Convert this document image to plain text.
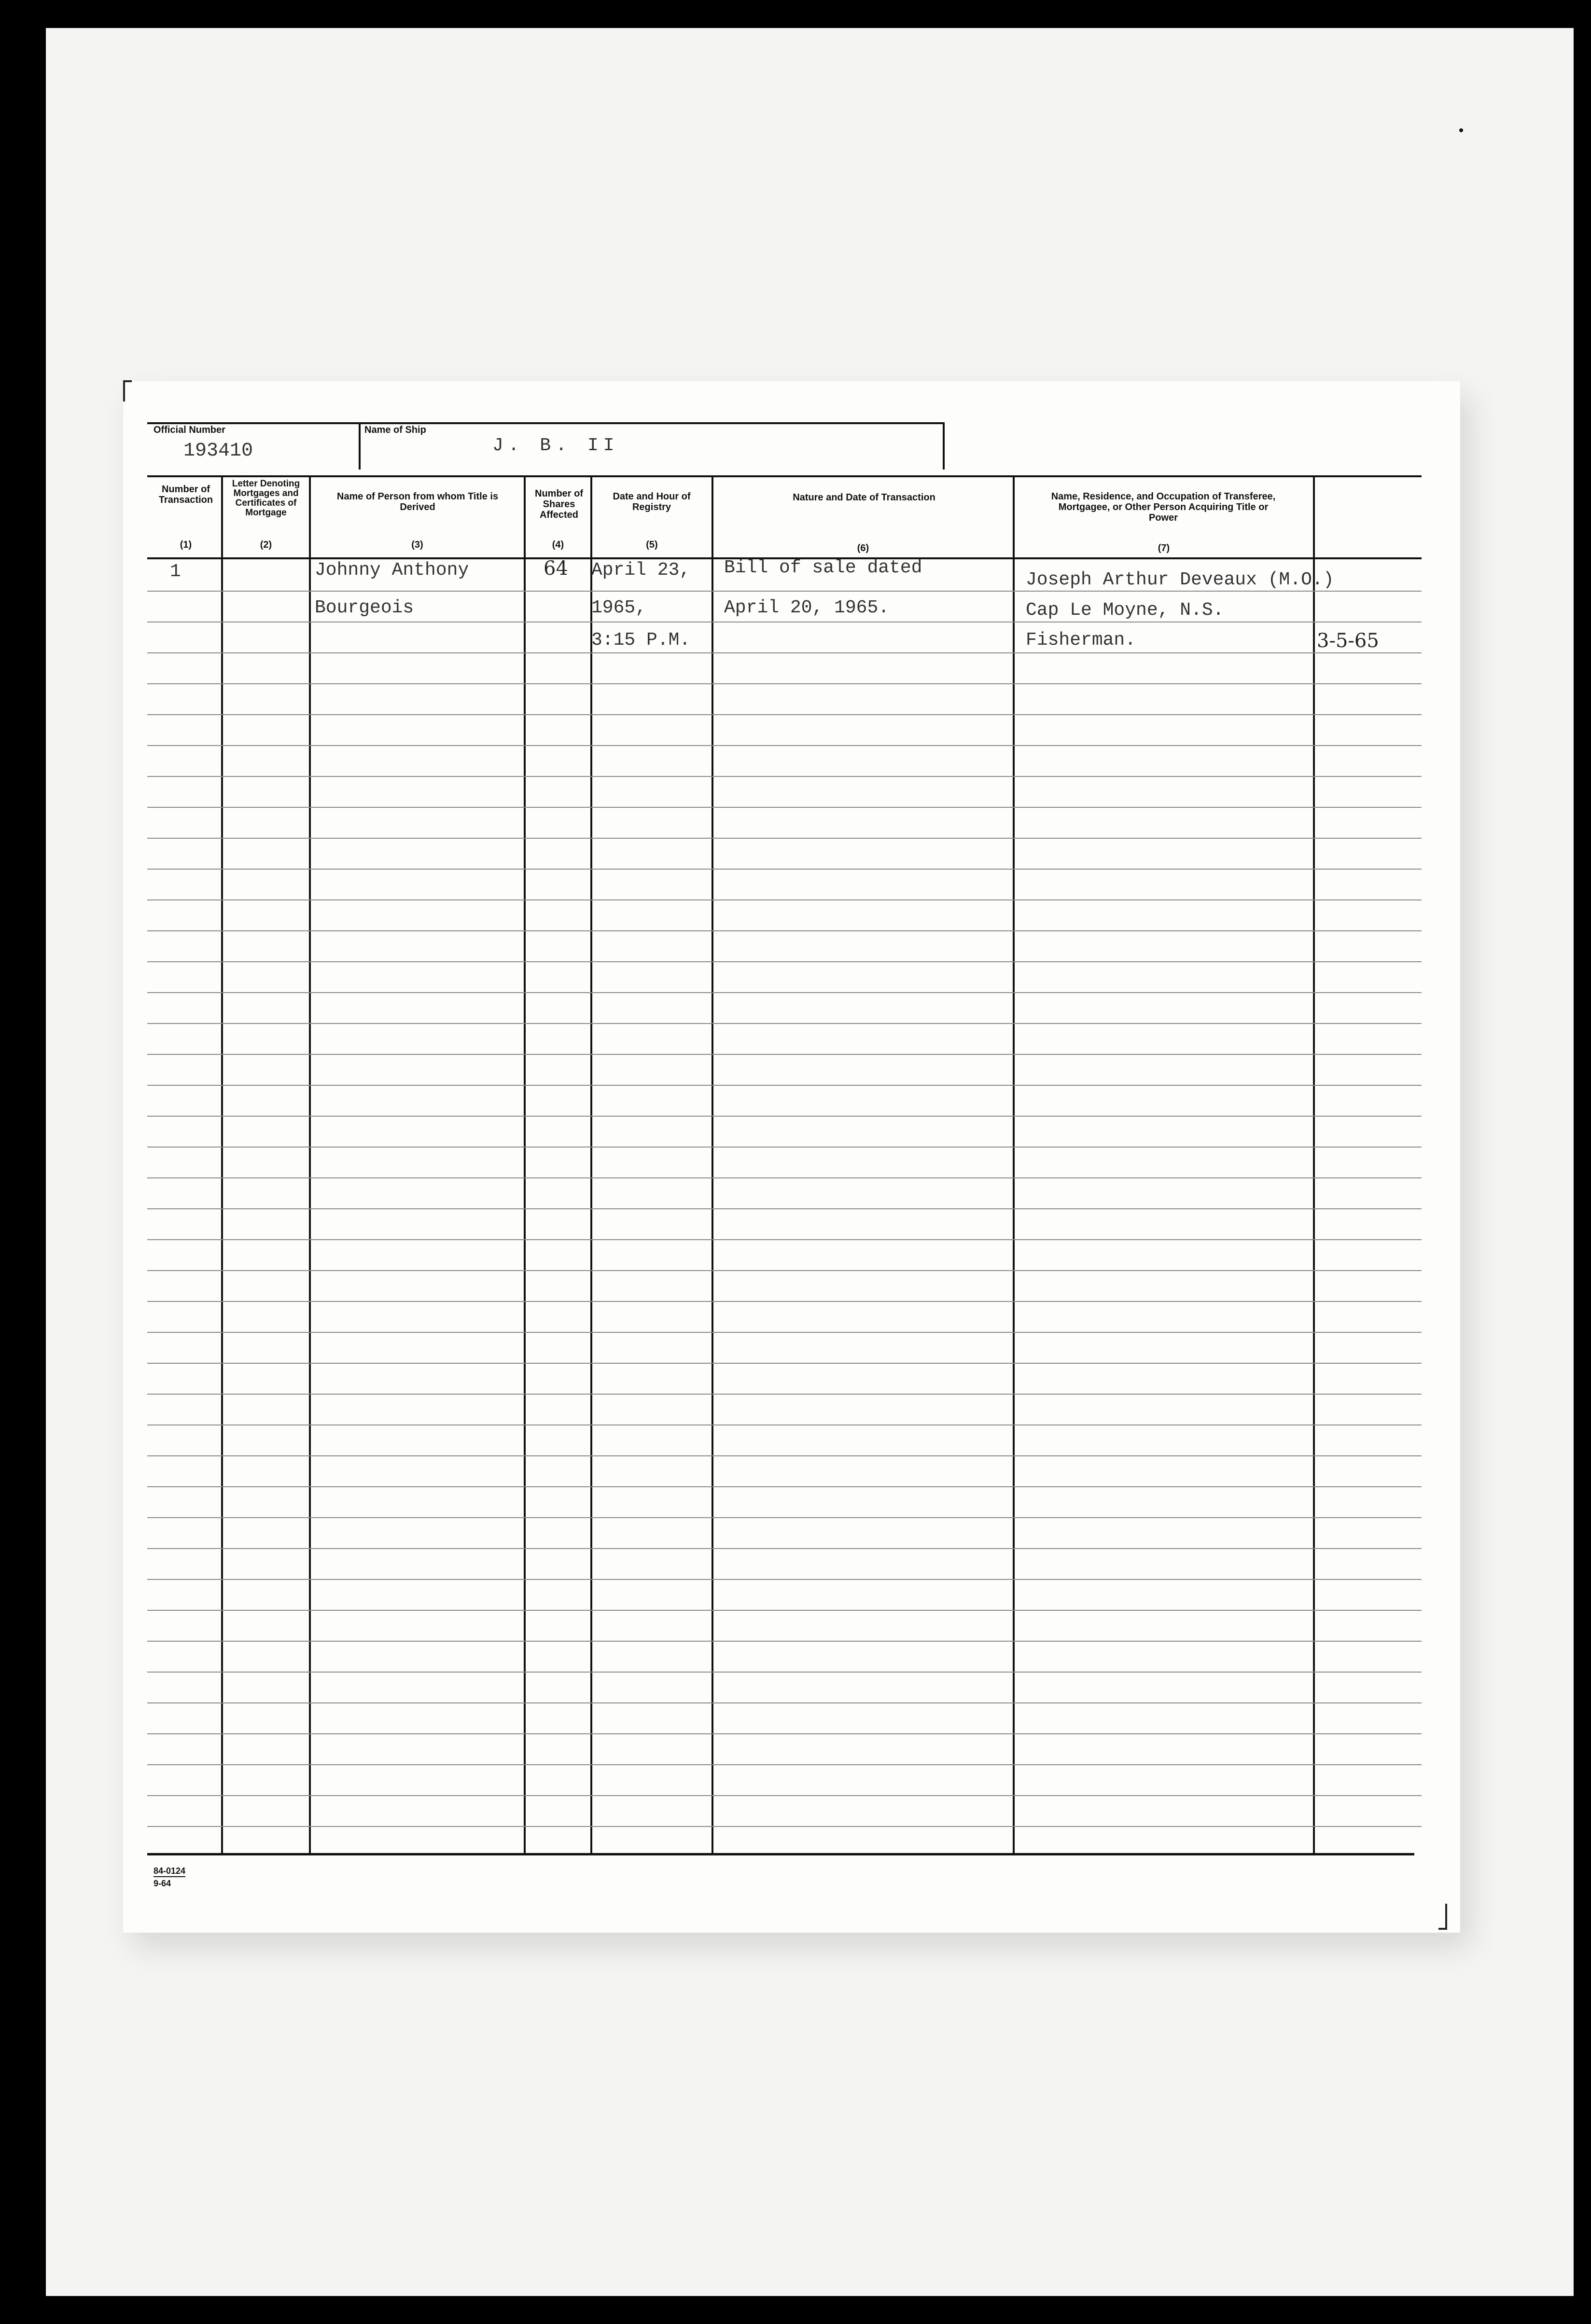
Official Number
193410
Name of Ship
J. B. II
Number of Transaction
(1)
Letter Denoting Mortgages and Certificates of Mortgage
(2)
Name of Person from whom Title is Derived
(3)
Number of Shares Affected
(4)
Date and Hour of Registry
(5)
Nature and Date of Transaction
(6)
Name, Residence, and Occupation of Transferee, Mortgagee, or Other Person Acquiring Title or Power
(7)
1	Johnny Anthony
Bourgeois
64 April 23,
1965,
3:15 P.M.
Bill of sale dated
April 20, 1965.
Joseph Arthur Deveaux (M.O.)
Cap Le Moyne, N.S.
Fisherman.	3-5-65
84-0124
9-64
